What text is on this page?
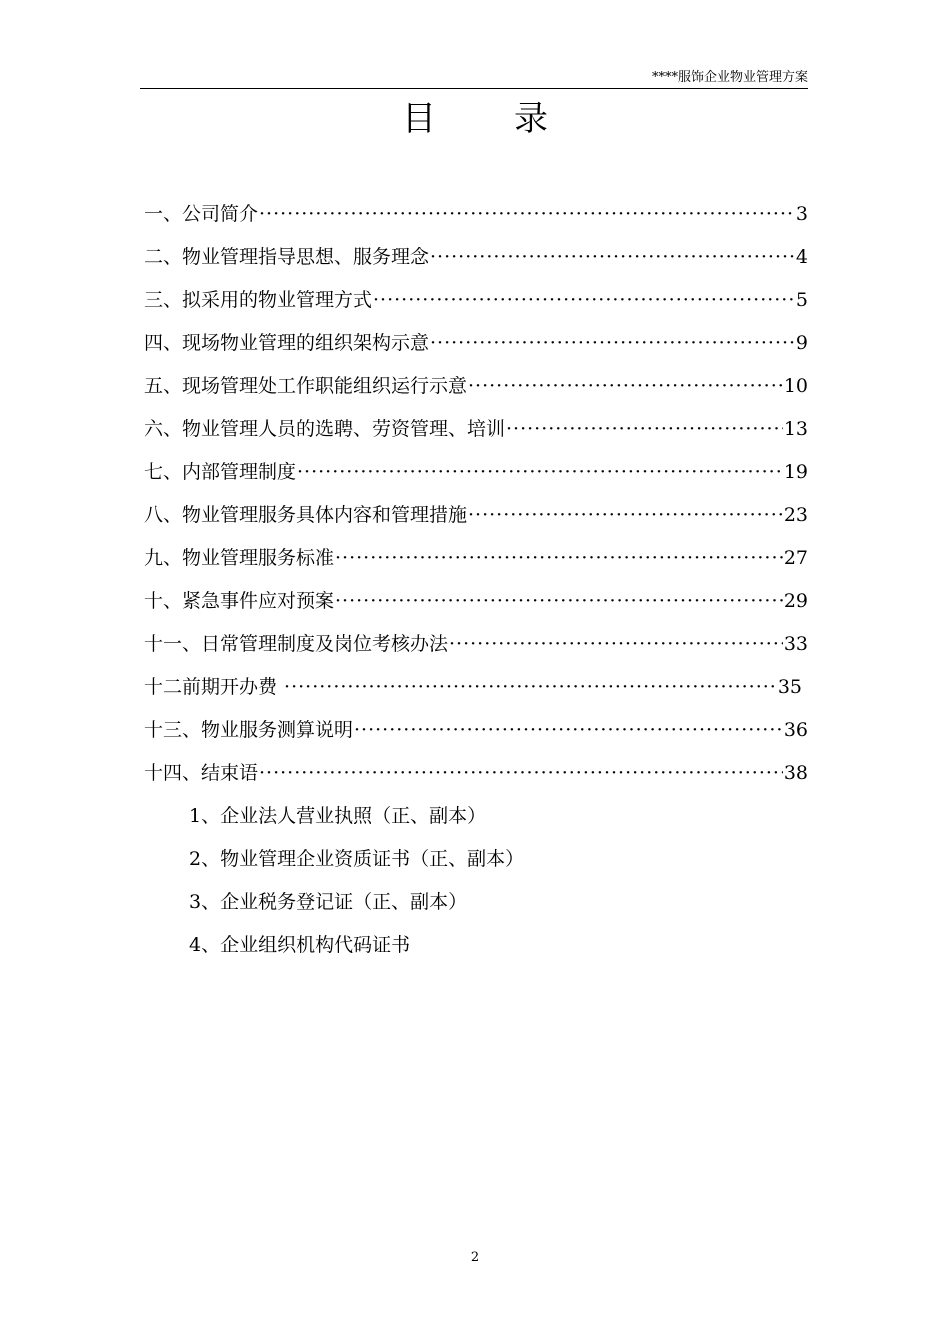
****服饰企业物业管理方案
目 录
一、公司简介 ·····	3
二、物业管理指导思想、服务理念 ·····	4
三、拟采用的物业管理方式 ·····	5
四、现场物业管理的组织架构示意 ·····	9
五、现场管理处工作职能组织运行示意 ·····	10
六、物业管理人员的选聘、劳资管理、培训 ·····	13
七、内部管理制度 ·····	19
八、物业管理服务具体内容和管理措施 ·····	23
九、物业管理服务标准 ·····	27
十、紧急事件应对预案 ·····	29
十一、日常管理制度及岗位考核办法 ·····	33
十二前期开办费 ·····	35
十三、物业服务测算说明 ·····	36
十四、结束语 ·····	38
1、企业法人营业执照（正、副本）
2、物业管理企业资质证书（正、副本）
3、企业税务登记证（正、副本）
4、企业组织机构代码证书
2
